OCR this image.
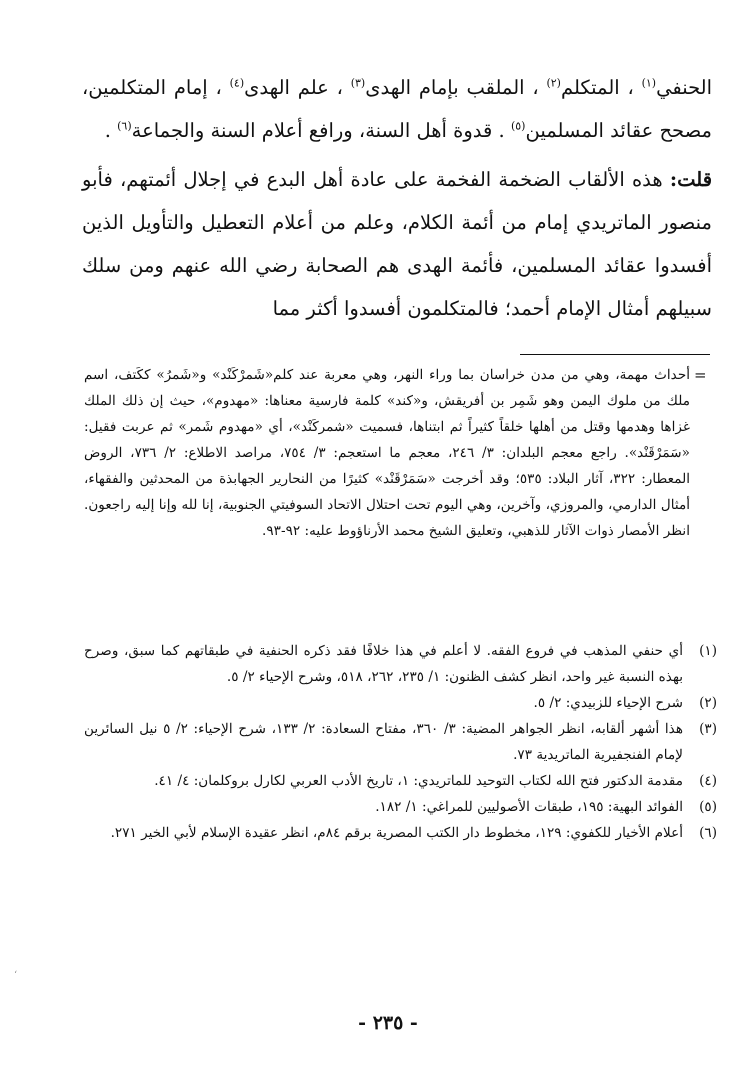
الحنفي$^{(١)}$ ، المتكلم$^{(٢)}$ ، الملقب بإمام الهدى$^{(٣)}$ ، علم الهدى$^{(٤)}$ ، إمام المتكلمين، مصحح عقائد المسلمين$^{(٥)}$ . قدوة أهل السنة، ورافع أعلام السنة والجماعة$^{(٦)}$ .

قلت: هذه الألقاب الضخمة الفخمة على عادة أهل البدع في إجلال أئمتهم، فأبو منصور الماتريدي إمام من أئمة الكلام، وعلم من أعلام التعطيل والتأويل الذين أفسدوا عقائد المسلمين، فأئمة الهدى هم الصحابة رضي الله عنهم ومن سلك سبيلهم أمثال الإمام أحمد؛ فالمتكلمون أفسدوا أكثر مما

=
أحداث مهمة، وهي من مدن خراسان بما وراء النهر، وهي معربة عند كلم«شَمرْكَنْد» و«شَمرُ» ككَتف، اسم ملك من ملوك اليمن وهو شَمِر بن أفريقش، و«كند» كلمة فارسية معناها: «مهدوم»، حيث إن ذلك الملك غزاها وهدمها وقتل من أهلها خلقاً كثيراً ثم ابتناها، فسميت «شمركَنْد»، أي «مهدوم شَمر» ثم عربت فقيل: «سَمَرْقَنْد». راجع معجم البلدان: ٣/ ٢٤٦، معجم ما استعجم: ٣/ ٧٥٤، مراصد الاطلاع: ٢/ ٧٣٦، الروض المعطار: ٣٢٢، آثار البلاد: ٥٣٥؛ وقد أخرجت «سَمَرْقَنْد» كثيرًا من النحارير الجهابذة من المحدثين والفقهاء، أمثال الدارمي، والمروزي، وآخرين، وهي اليوم تحت احتلال الاتحاد السوفيتي الجنوبية، إنا لله وإنا إليه راجعون. انظر الأمصار ذوات الآثار للذهبي، وتعليق الشيخ محمد الأرناؤوط عليه: ٩٢-٩٣.
(١)
أي حنفي المذهب في فروع الفقه. لا أعلم في هذا خلافًا فقد ذكره الحنفية في طبقاتهم كما سبق، وصرح بهذه النسبة غير واحد، انظر كشف الظنون: ١/ ٢٣٥، ٢٦٢، ٥١٨، وشرح الإحياء ٢/ ٥.
(٢)
شرح الإحياء للزبيدي: ٢/ ٥.
(٣)
هذا أشهر ألقابه، انظر الجواهر المضية: ٣/ ٣٦٠، مفتاح السعادة: ٢/ ١٣٣، شرح الإحياء: ٢/ ٥ نيل السائرين لإمام الفنجفيرية الماتريدية ٧٣.
(٤)
مقدمة الدكتور فتح الله لكتاب التوحيد للماتريدي: ١، تاريخ الأدب العربي لكارل بروكلمان: ٤/ ٤١.
(٥)
الفوائد البهية: ١٩٥، طبقات الأصوليين للمراغي: ١/ ١٨٢.
(٦)
أعلام الأخيار للكفوي: ١٢٩، مخطوط دار الكتب المصرية برقم ٨٤م، انظر عقيدة الإسلام لأبي الخير ٢٧١.
- ٢٣٥ -
‘
